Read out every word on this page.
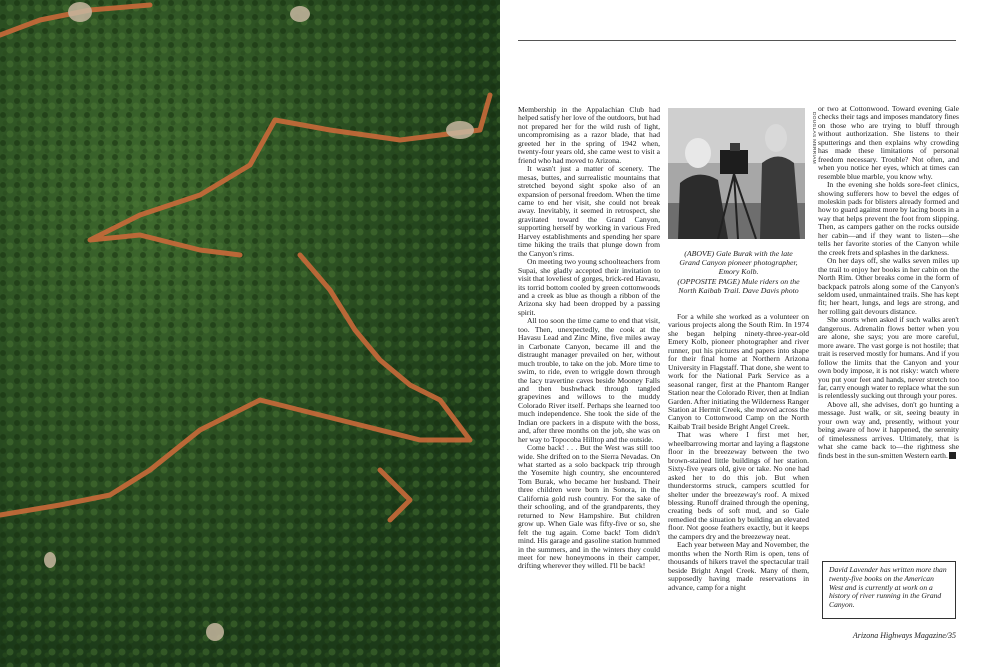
Membership in the Appalachian Club had helped satisfy her love of the outdoors, but had not prepared her for the wild rush of light, uncompromising as a razor blade, that had greeted her in the spring of 1942 when, twenty-four years old, she came west to visit a friend who had moved to Arizona.

It wasn't just a matter of scenery. The mesas, buttes, and surrealistic mountains that stretched beyond sight spoke also of an expansion of personal freedom. When the time came to end her visit, she could not break away. Inevitably, it seemed in retrospect, she gravitated toward the Grand Canyon, supporting herself by working in various Fred Harvey establishments and spending her spare time hiking the trails that plunge down from the Canyon's rims.

On meeting two young schoolteachers from Supai, she gladly accepted their invitation to visit that loveliest of gorges, brick-red Havasu, its torrid bottom cooled by green cottonwoods and a creek as blue as though a ribbon of the Arizona sky had been dropped by a passing spirit.

All too soon the time came to end that visit, too. Then, unexpectedly, the cook at the Havasu Lead and Zinc Mine, five miles away in Carbonate Canyon, became ill and the distraught manager prevailed on her, without much trouble, to take on the job. More time to swim, to ride, even to wriggle down through the lacy travertine caves beside Mooney Falls and then bushwhack through tangled grapevines and willows to the muddy Colorado River itself. Perhaps she learned too much independence. She took the side of the Indian ore packers in a dispute with the boss, and, after three months on the job, she was on her way to Topocoba Hilltop and the outside.

Come back! . . . But the West was still too wide. She drifted on to the Sierra Nevadas. On what started as a solo backpack trip through the Yosemite high country, she encountered Tom Burak, who became her husband. Their three children were born in Sonora, in the California gold rush country. For the sake of their schooling, and of the grandparents, they returned to New Hampshire. But children grow up. When Gale was fifty-five or so, she felt the tug again. Come back! Tom didn't mind. His garage and gasoline station hummed in the summers, and in the winters they could meet for new honeymoons in their camper, drifting wherever they willed. I'll be back!

DOUGLAS MERRIAM
(ABOVE) Gale Burak with the late
Grand Canyon pioneer photographer,
Emory Kolb.
(OPPOSITE PAGE) Mule riders on the
North Kaibab Trail. Dave Davis photo

For a while she worked as a volunteer on various projects along the South Rim. In 1974 she began helping ninety-three-year-old Emery Kolb, pioneer photographer and river runner, put his pictures and papers into shape for their final home at Northern Arizona University in Flagstaff. That done, she went to work for the National Park Service as a seasonal ranger, first at the Phantom Ranger Station near the Colorado River, then at Indian Garden. After initiating the Wilderness Ranger Station at Hermit Creek, she moved across the Canyon to Cottonwood Camp on the North Kaibab Trail beside Bright Angel Creek.

That was where I first met her, wheelbarrowing mortar and laying a flagstone floor in the breezeway between the two brown-stained little buildings of her station. Sixty-five years old, give or take. No one had asked her to do this job. But when thunderstorms struck, campers scuttled for shelter under the breezeway's roof. A mixed blessing. Runoff drained through the opening, creating beds of soft mud, and so Gale remedied the situation by building an elevated floor. Not goose feathers exactly, but it keeps the campers dry and the breezeway neat.

Each year between May and November, the months when the North Rim is open, tens of thousands of hikers travel the spectacular trail beside Bright Angel Creek. Many of them, supposedly having made reservations in advance, camp for a night

or two at Cottonwood. Toward evening Gale checks their tags and imposes mandatory fines on those who are trying to bluff through without authorization. She listens to their sputterings and then explains why crowding has made these limitations of personal freedom necessary. Trouble? Not often, and when you notice her eyes, which at times can resemble blue marble, you know why.

In the evening she holds sore-feet clinics, showing sufferers how to bevel the edges of moleskin pads for blisters already formed and how to guard against more by lacing boots in a way that helps prevent the foot from slipping. Then, as campers gather on the rocks outside her cabin—and if they want to listen—she tells her favorite stories of the Canyon while the creek frets and splashes in the darkness.

On her days off, she walks seven miles up the trail to enjoy her books in her cabin on the North Rim. Other breaks come in the form of backpack patrols along some of the Canyon's seldom used, unmaintained trails. She has kept fit; her heart, lungs, and legs are strong, and her rolling gait devours distance.

She snorts when asked if such walks aren't dangerous. Adrenalin flows better when you are alone, she says; you are more careful, more aware. The vast gorge is not hostile; that trait is reserved mostly for humans. And if you follow the limits that the Canyon and your own body impose, it is not risky: watch where you put your feet and hands, never stretch too far, carry enough water to replace what the sun is relentlessly sucking out through your pores.

Above all, she advises, don't go hunting a message. Just walk, or sit, seeing beauty in your own way and, presently, without your being aware of how it happened, the serenity of timelessness arrives. Ultimately, that is what she came back to—the rightness she finds best in the sun-smitten Western earth.

David Lavender has written more than twenty-five books on the American West and is currently at work on a history of river running in the Grand Canyon.
Arizona Highways Magazine/35
